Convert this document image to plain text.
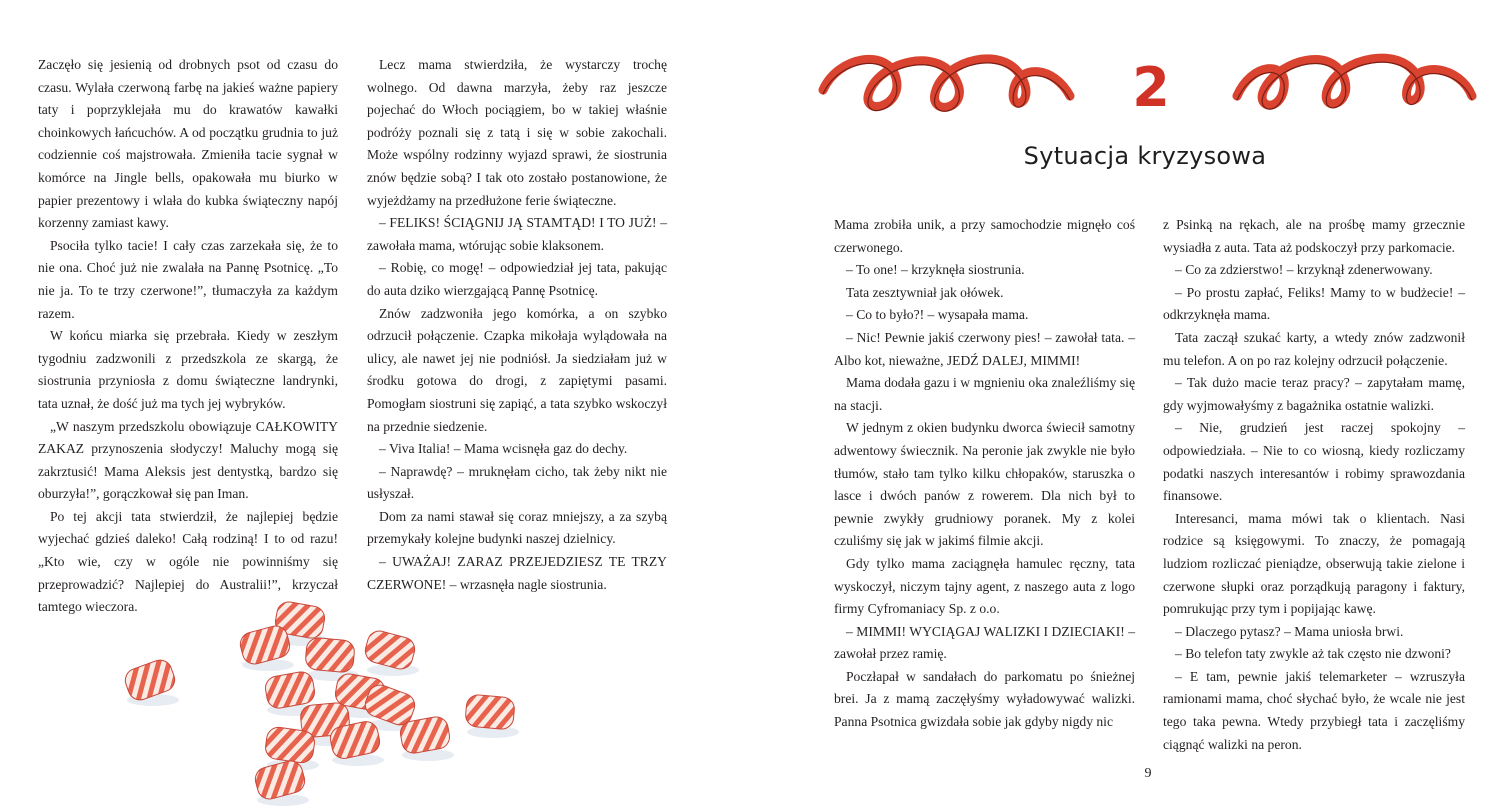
Zaczęło się jesienią od drobnych psot od czasu do czasu. Wylała czerwoną farbę na jakieś ważne papiery taty i poprzyklejała mu do krawatów kawałki choinkowych łańcuchów. A od początku grudnia to już codziennie coś majstrowała. Zmieniła tacie sygnał w komórce na Jingle bells, opakowała mu biurko w papier prezentowy i wlała do kubka świąteczny napój korzenny zamiast kawy.

Psociła tylko tacie! I cały czas zarzekała się, że to nie ona. Choć już nie zwalała na Pannę Psotnicę. „To nie ja. To te trzy czerwone!”, tłumaczyła za każdym razem.

W końcu miarka się przebrała. Kiedy w zeszłym tygodniu zadzwonili z przedszkola ze skargą, że siostrunia przyniosła z domu świąteczne landrynki, tata uznał, że dość już ma tych jej wybryków.

„W naszym przedszkolu obowiązuje CAŁKOWITY ZAKAZ przynoszenia słodyczy! Maluchy mogą się zakrztusić! Mama Aleksis jest dentystką, bardzo się oburzyła!”, gorączkował się pan Iman.

Po tej akcji tata stwierdził, że najlepiej będzie wyjechać gdzieś daleko! Całą rodziną! I to od razu! „Kto wie, czy w ogóle nie powinniśmy się przeprowadzić? Najlepiej do Australii!”, krzyczał tamtego wieczora.

Lecz mama stwierdziła, że wystarczy trochę wolnego. Od dawna marzyła, żeby raz jeszcze pojechać do Włoch pociągiem, bo w takiej właśnie podróży poznali się z tatą i się w sobie zakochali. Może wspólny rodzinny wyjazd sprawi, że siostrunia znów będzie sobą? I tak oto zostało postanowione, że wyjeżdżamy na przedłużone ferie świąteczne.

– FELIKS! ŚCIĄGNIJ JĄ STAMTĄD! I TO JUŻ! – zawołała mama, wtórując sobie klaksonem.

– Robię, co mogę! – odpowiedział jej tata, pakując do auta dziko wierzgającą Pannę Psotnicę.

Znów zadzwoniła jego komórka, a on szybko odrzucił połączenie. Czapka mikołaja wylądowała na ulicy, ale nawet jej nie podniósł. Ja siedziałam już w środku gotowa do drogi, z zapiętymi pasami. Pomogłam siostruni się zapiąć, a tata szybko wskoczył na przednie siedzenie.

– Viva Italia! – Mama wcisnęła gaz do dechy.

– Naprawdę? – mruknęłam cicho, tak żeby nikt nie usłyszał.

Dom za nami stawał się coraz mniejszy, a za szybą przemykały kolejne budynki naszej dzielnicy.

– UWAŻAJ! ZARAZ PRZEJEDZIESZ TE TRZY CZERWONE! – wrzasnęła nagle siostrunia.

2
Sytuacja kryzysowa

Mama zrobiła unik, a przy samochodzie mignęło coś czerwonego.

– To one! – krzyknęła siostrunia.

Tata zesztywniał jak ołówek.

– Co to było?! – wysapała mama.

– Nic! Pewnie jakiś czerwony pies! – zawołał tata. – Albo kot, nieważne, JEDŹ DALEJ, MIMMI!

Mama dodała gazu i w mgnieniu oka znaleźliśmy się na stacji.

W jednym z okien budynku dworca świecił samotny adwentowy świecznik. Na peronie jak zwykle nie było tłumów, stało tam tylko kilku chłopaków, staruszka o lasce i dwóch panów z rowerem. Dla nich był to pewnie zwykły grudniowy poranek. My z kolei czuliśmy się jak w jakimś filmie akcji.

Gdy tylko mama zaciągnęła hamulec ręczny, tata wyskoczył, niczym tajny agent, z naszego auta z logo firmy Cyfromaniacy Sp. z o.o.

– MIMMI! WYCIĄGAJ WALIZKI I DZIECIAKI! – zawołał przez ramię.

Poczłapał w sandałach do parkomatu po śnieżnej brei. Ja z mamą zaczęłyśmy wyładowywać walizki. Panna Psotnica gwizdała sobie jak gdyby nigdy nic

z Psinką na rękach, ale na prośbę mamy grzecznie wysiadła z auta. Tata aż podskoczył przy parkomacie.

– Co za zdzierstwo! – krzyknął zdenerwowany.

– Po prostu zapłać, Feliks! Mamy to w budżecie! – odkrzyknęła mama.

Tata zaczął szukać karty, a wtedy znów zadzwonił mu telefon. A on po raz kolejny odrzucił połączenie.

– Tak dużo macie teraz pracy? – zapytałam mamę, gdy wyjmowałyśmy z bagażnika ostatnie walizki.

– Nie, grudzień jest raczej spokojny – odpowiedziała. – Nie to co wiosną, kiedy rozliczamy podatki naszych interesantów i robimy sprawozdania finansowe.

Interesanci, mama mówi tak o klientach. Nasi rodzice są księgowymi. To znaczy, że pomagają ludziom rozliczać pieniądze, obserwują takie zielone i czerwone słupki oraz porządkują paragony i faktury, pomrukując przy tym i popijając kawę.

– Dlaczego pytasz? – Mama uniosła brwi.

– Bo telefon taty zwykle aż tak często nie dzwoni?

– E tam, pewnie jakiś telemarketer – wzruszyła ramionami mama, choć słychać było, że wcale nie jest tego taka pewna. Wtedy przybiegł tata i zaczęliśmy ciągnąć walizki na peron.

9
